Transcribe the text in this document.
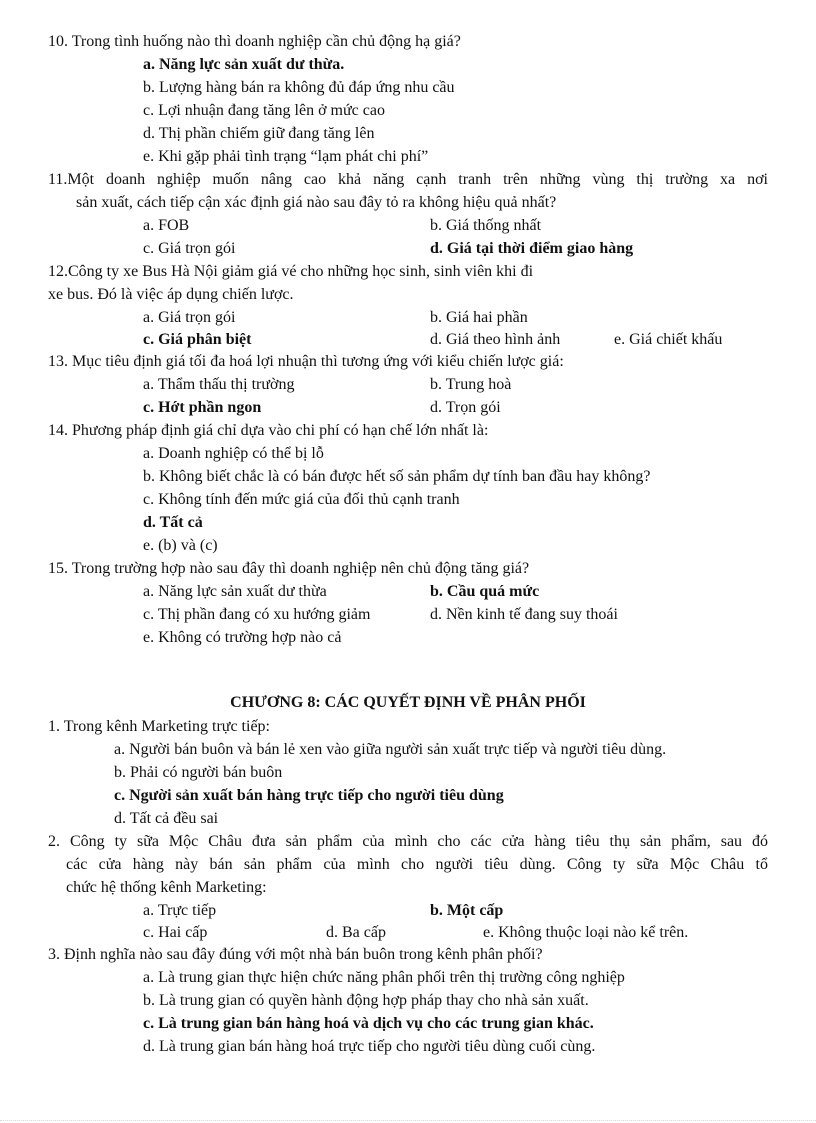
10. Trong tình huống nào thì doanh nghiệp cần chủ động hạ giá?
a. Năng lực sản xuất dư thừa.
b. Lượng hàng bán ra không đủ đáp ứng nhu cầu
c. Lợi nhuận đang tăng lên ở mức cao
d. Thị phần chiếm giữ đang tăng lên
e. Khi gặp phải tình trạng “lạm phát chi phí”
11.Một doanh nghiệp muốn nâng cao khả năng cạnh tranh trên những vùng thị trường xa nơi
sản xuất, cách tiếp cận xác định giá nào sau đây tỏ ra không hiệu quả nhất?
a. FOB	b. Giá thống nhất
c. Giá trọn gói	d. Giá tại thời điểm giao hàng
12.Công ty xe Bus Hà Nội giảm giá vé cho những học sinh, sinh viên khi đi
xe bus. Đó là việc áp dụng chiến lược.
a. Giá trọn gói	b. Giá hai phần
c. Giá phân biệt	d. Giá theo hình ảnh	e. Giá chiết khấu
13. Mục tiêu định giá tối đa hoá lợi nhuận thì tương ứng với kiểu chiến lược giá:
a. Thẩm thấu thị trường	b. Trung hoà
c. Hớt phần ngon	d. Trọn gói
14. Phương pháp định giá chỉ dựa vào chi phí có hạn chế lớn nhất là:
a. Doanh nghiệp có thể bị lỗ
b. Không biết chắc là có bán được hết số sản phẩm dự tính ban đầu hay không?
c. Không tính đến mức giá của đối thủ cạnh tranh
d. Tất cả
e. (b) và (c)
15. Trong trường hợp nào sau đây thì doanh nghiệp nên chủ động tăng giá?
a. Năng lực sản xuất dư thừa	b. Cầu quá mức
c. Thị phần đang có xu hướng giảm	d. Nền kinh tế đang suy thoái
e. Không có trường hợp nào cả
CHƯƠNG 8: CÁC QUYẾT ĐỊNH VỀ PHÂN PHỐI
1. Trong kênh Marketing trực tiếp:
a. Người bán buôn và bán lẻ xen vào giữa người sản xuất trực tiếp và người tiêu dùng.
b. Phải có người bán buôn
c. Người sản xuất bán hàng trực tiếp cho người tiêu dùng
d. Tất cả đều sai
2. Công ty sữa Mộc Châu đưa sản phẩm của mình cho các cửa hàng tiêu thụ sản phẩm, sau đó
các cửa hàng này bán sản phẩm của mình cho người tiêu dùng. Công ty sữa Mộc Châu tổ
chức hệ thống kênh Marketing:
a. Trực tiếp	b. Một cấp
c. Hai cấp	d. Ba cấp	e. Không thuộc loại nào kể trên.
3. Định nghĩa nào sau đây đúng với một nhà bán buôn trong kênh phân phối?
a. Là trung gian thực hiện chức năng phân phối trên thị trường công nghiệp
b. Là trung gian có quyền hành động hợp pháp thay cho nhà sản xuất.
c. Là trung gian bán hàng hoá và dịch vụ cho các trung gian khác.
d. Là trung gian bán hàng hoá trực tiếp cho người tiêu dùng cuối cùng.
